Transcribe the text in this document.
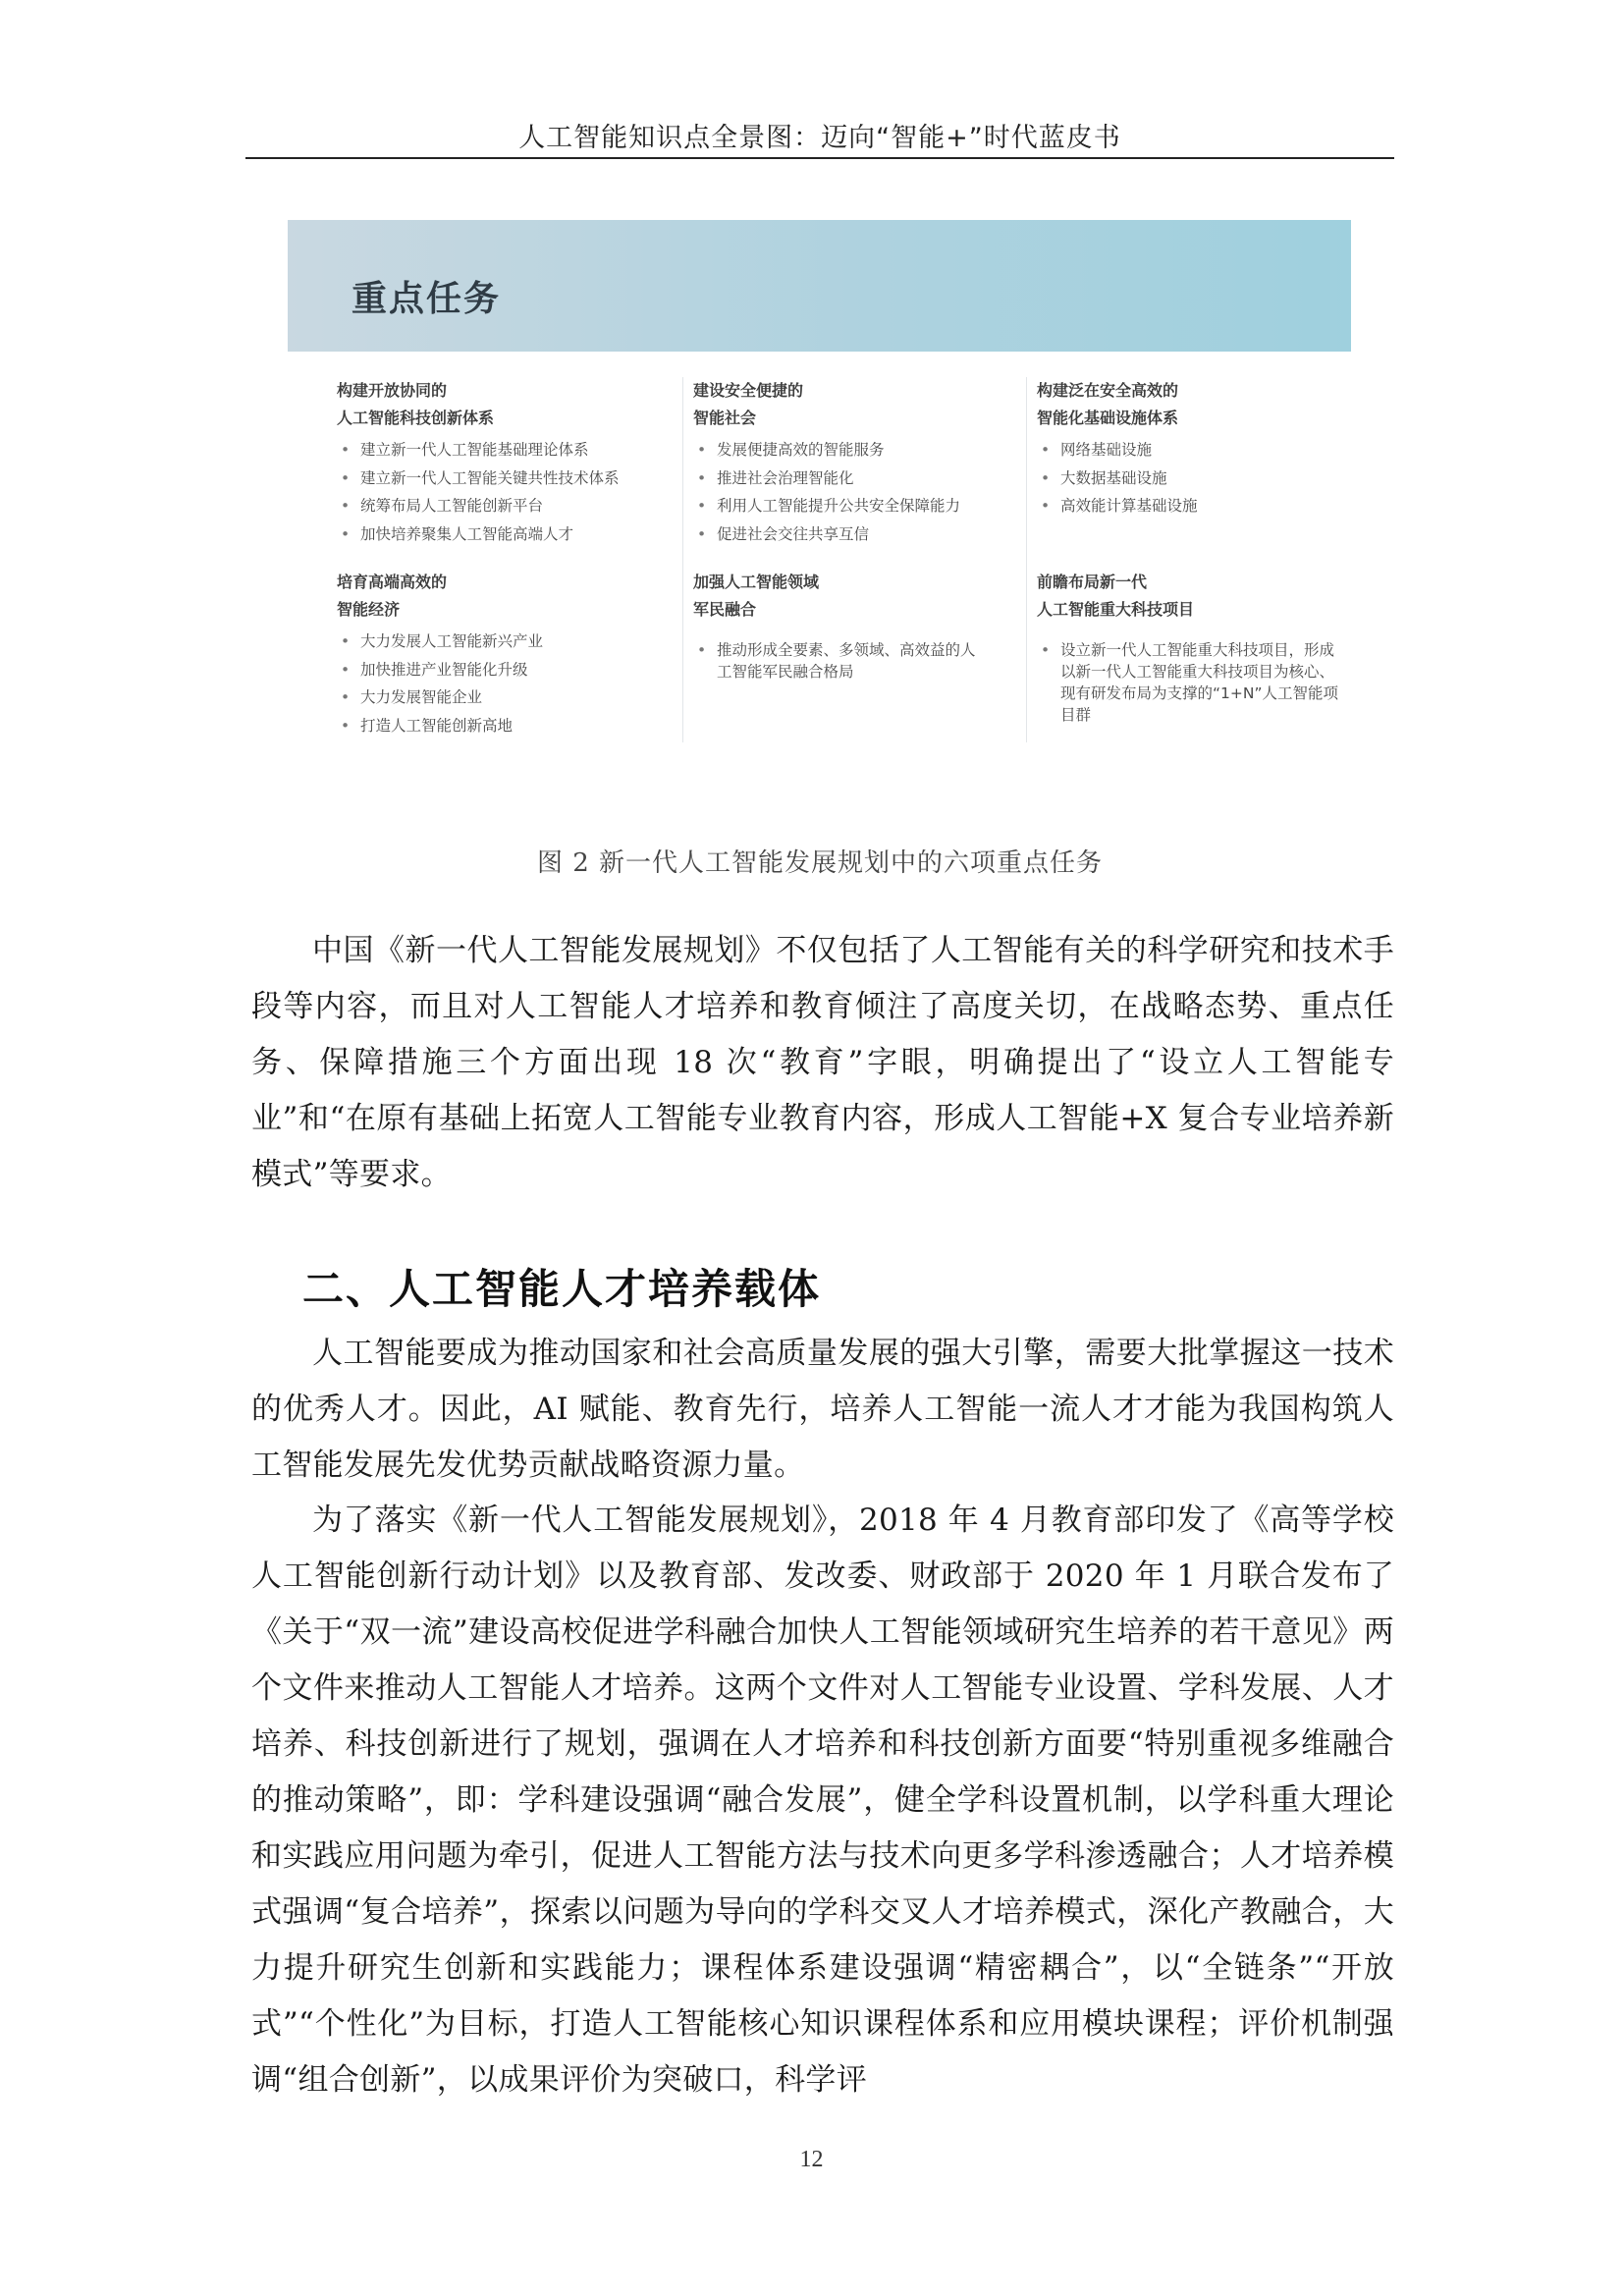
人工智能知识点全景图：迈向“智能+”时代蓝皮书
重点任务
构建开放协同的
人工智能科技创新体系
• 建立新一代人工智能基础理论体系
• 建立新一代人工智能关键共性技术体系
• 统筹布局人工智能创新平台
• 加快培养聚集人工智能高端人才
培育高端高效的
智能经济
• 大力发展人工智能新兴产业
• 加快推进产业智能化升级
• 大力发展智能企业
• 打造人工智能创新高地
建设安全便捷的
智能社会
• 发展便捷高效的智能服务
• 推进社会治理智能化
• 利用人工智能提升公共安全保障能力
• 促进社会交往共享互信
加强人工智能领域
军民融合
• 推动形成全要素、多领域、高效益的人工智能军民融合格局
构建泛在安全高效的
智能化基础设施体系
• 网络基础设施
• 大数据基础设施
• 高效能计算基础设施
前瞻布局新一代
人工智能重大科技项目
• 设立新一代人工智能重大科技项目，形成以新一代人工智能重大科技项目为核心、现有研发布局为支撑的“1+N”人工智能项目群
图 2 新一代人工智能发展规划中的六项重点任务

中国《新一代人工智能发展规划》不仅包括了人工智能有关的科学研究和技术手段等内容，而且对人工智能人才培养和教育倾注了高度关切，在战略态势、重点任务、保障措施三个方面出现 18 次“教育”字眼，明确提出了“设立人工智能专业”和“在原有基础上拓宽人工智能专业教育内容，形成人工智能+X 复合专业培养新模式”等要求。

二、人工智能人才培养载体

人工智能要成为推动国家和社会高质量发展的强大引擎，需要大批掌握这一技术的优秀人才。因此，AI 赋能、教育先行，培养人工智能一流人才才能为我国构筑人工智能发展先发优势贡献战略资源力量。

为了落实《新一代人工智能发展规划》，2018 年 4 月教育部印发了《高等学校人工智能创新行动计划》以及教育部、发改委、财政部于 2020 年 1 月联合发布了《关于“双一流”建设高校促进学科融合加快人工智能领域研究生培养的若干意见》两个文件来推动人工智能人才培养。这两个文件对人工智能专业设置、学科发展、人才培养、科技创新进行了规划，强调在人才培养和科技创新方面要“特别重视多维融合的推动策略”，即：学科建设强调“融合发展”，健全学科设置机制，以学科重大理论和实践应用问题为牵引，促进人工智能方法与技术向更多学科渗透融合；人才培养模式强调“复合培养”，探索以问题为导向的学科交叉人才培养模式，深化产教融合，大力提升研究生创新和实践能力；课程体系建设强调“精密耦合”，以“全链条”“开放式”“个性化”为目标，打造人工智能核心知识课程体系和应用模块课程；评价机制强调“组合创新”，以成果评价为突破口，科学评

12
